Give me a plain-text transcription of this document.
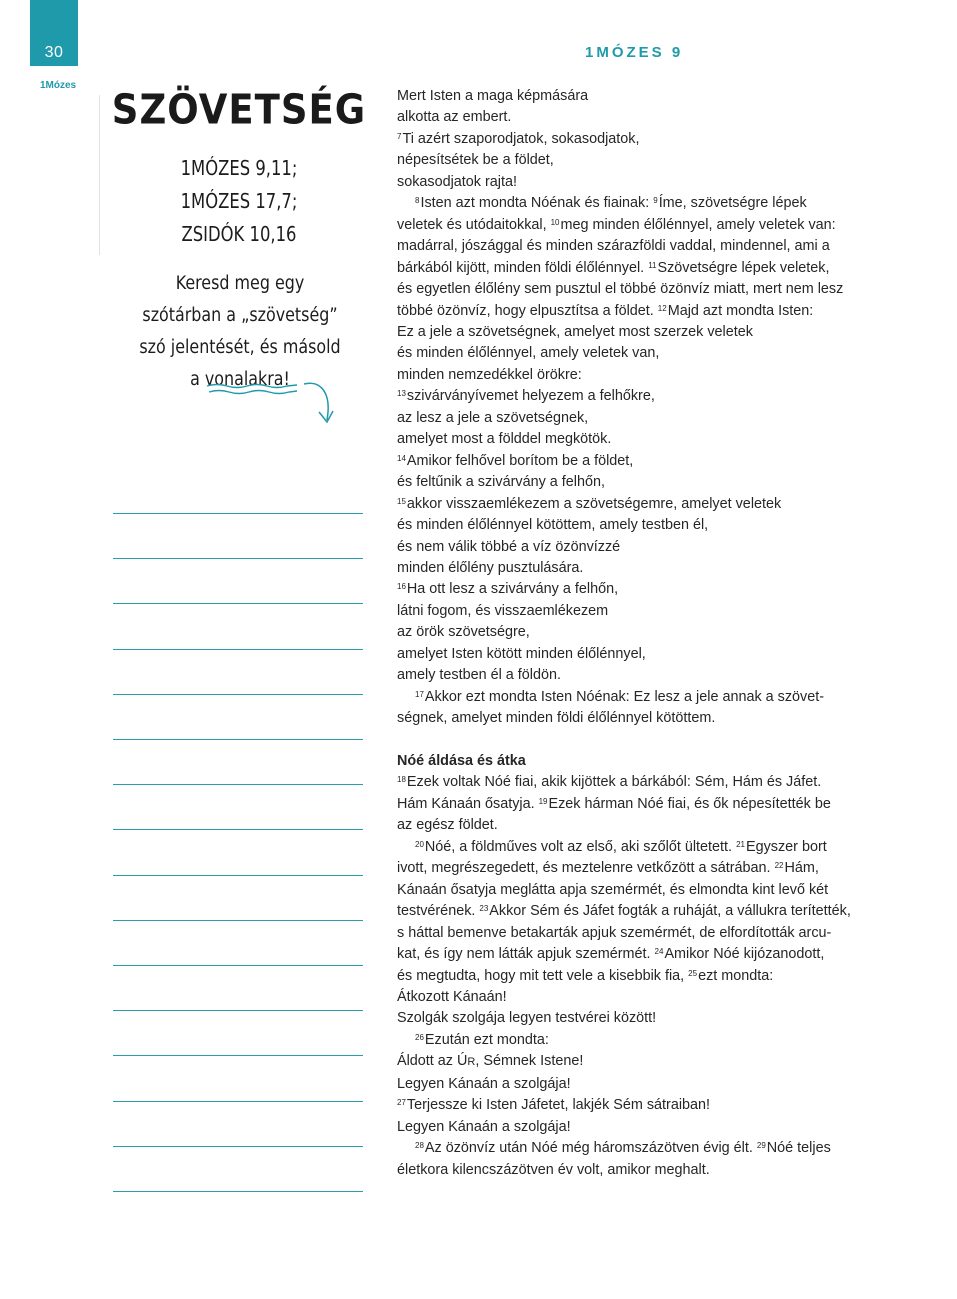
30
1Mózes
1MÓZES 9
SZÖVETSÉG
1MÓZES 9,11;
1MÓZES 17,7;
ZSIDÓK 10,16
Keresd meg egy
szótárban a „szövetség”
szó jelentését, és másold
a vonalakra!

Mert Isten a maga képmására

alkotta az embert.

$^7$Ti azért szaporodjatok, sokasodjatok,

népesítsétek be a földet,

sokasodjatok rajta!

$^8$Isten azt mondta Nóénak és fiainak: $^9$Íme, szövetségre lépek

veletek és utódaitokkal, $^{10}$meg minden élőlénnyel, amely veletek van:

madárral, jószággal és minden szárazföldi vaddal, mindennel, ami a

bárkából kijött, minden földi élőlénnyel. $^{11}$Szövetségre lépek veletek,

és egyetlen élőlény sem pusztul el többé özönvíz miatt, mert nem lesz

többé özönvíz, hogy elpusztítsa a földet. $^{12}$Majd azt mondta Isten:

Ez a jele a szövetségnek, amelyet most szerzek veletek

és minden élőlénnyel, amely veletek van,

minden nemzedékkel örökre:

$^{13}$szivárványívemet helyezem a felhőkre,

az lesz a jele a szövetségnek,

amelyet most a földdel megkötök.

$^{14}$Amikor felhővel borítom be a földet,

és feltűnik a szivárvány a felhőn,

$^{15}$akkor visszaemlékezem a szövetségemre, amelyet veletek

és minden élőlénnyel kötöttem, amely testben él,

és nem válik többé a víz özönvízzé

minden élőlény pusztulására.

$^{16}$Ha ott lesz a szivárvány a felhőn,

látni fogom, és visszaemlékezem

az örök szövetségre,

amelyet Isten kötött minden élőlénnyel,

amely testben él a földön.

$^{17}$Akkor ezt mondta Isten Nóénak: Ez lesz a jele annak a szövet-

ségnek, amelyet minden földi élőlénnyel kötöttem.

Nóé áldása és átka

$^{18}$Ezek voltak Nóé fiai, akik kijöttek a bárkából: Sém, Hám és Jáfet.

Hám Kánaán ősatyja. $^{19}$Ezek hárman Nóé fiai, és ők népesítették be

az egész földet.

$^{20}$Nóé, a földműves volt az első, aki szőlőt ültetett. $^{21}$Egyszer bort

ivott, megrészegedett, és meztelenre vetkőzött a sátrában. $^{22}$Hám,

Kánaán ősatyja meglátta apja szemérmét, és elmondta kint levő két

testvérének. $^{23}$Akkor Sém és Jáfet fogták a ruháját, a vállukra terítették,

s háttal bemenve betakarták apjuk szemérmét, de elfordították arcu-

kat, és így nem látták apjuk szemérmét. $^{24}$Amikor Nóé kijózanodott,

és megtudta, hogy mit tett vele a kisebbik fia, $^{25}$ezt mondta:

Átkozott Kánaán!

Szolgák szolgája legyen testvérei között!

$^{26}$Ezután ezt mondta:

Áldott az ÚR, Sémnek Istene!

Legyen Kánaán a szolgája!

$^{27}$Terjessze ki Isten Jáfetet, lakjék Sém sátraiban!

Legyen Kánaán a szolgája!

$^{28}$Az özönvíz után Nóé még háromszázötven évig élt. $^{29}$Nóé teljes

életkora kilencszázötven év volt, amikor meghalt.
